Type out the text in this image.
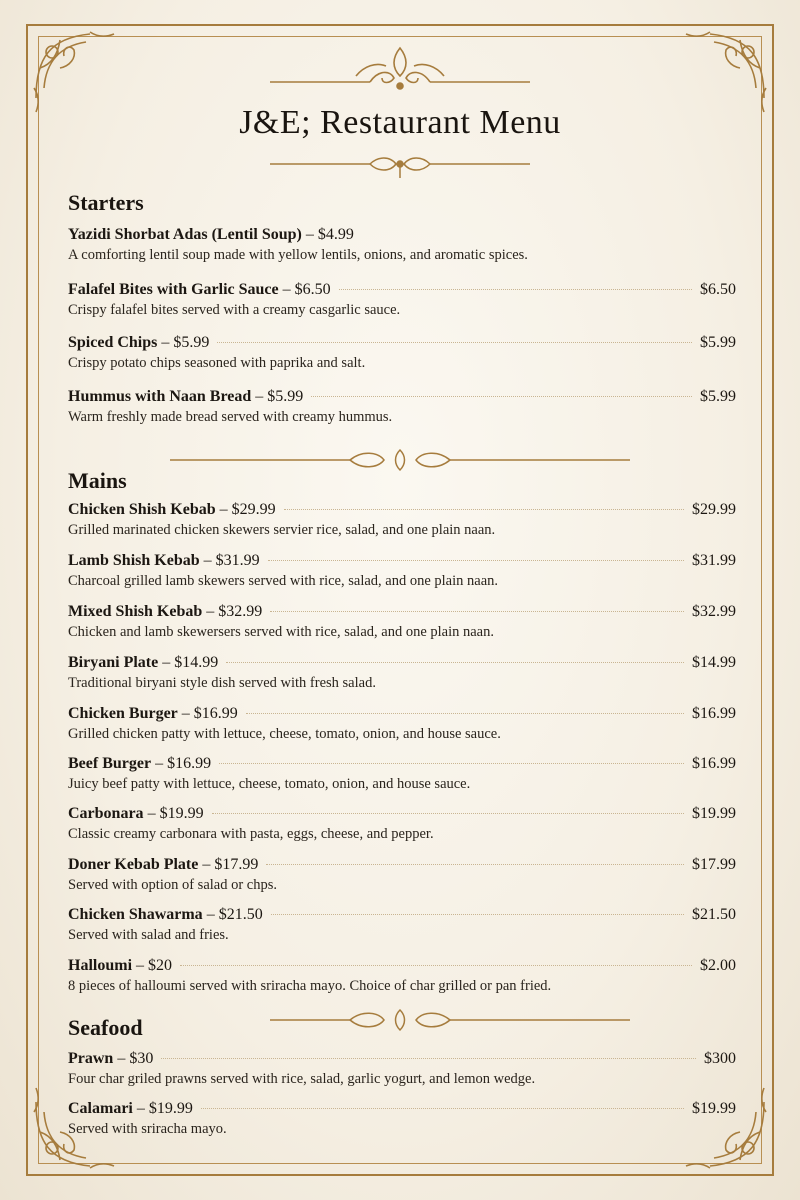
J&E; Restaurant Menu
Starters
Yazidi Shorbat Adas (Lentil Soup) – $4.99
A comforting lentil soup made with yellow lentils, onions, and aromatic spices.
Falafel Bites with Garlic Sauce – $6.50	$6.50
Crispy falafel bites served with a creamy casgarlic sauce.
Spiced Chips – $5.99	$5.99
Crispy potato chips seasoned with paprika and salt.
Hummus with Naan Bread – $5.99	$5.99
Warm freshly made bread served with creamy hummus.
Mains
Chicken Shish Kebab – $29.99	$29.99
Grilled marinated chicken skewers servier rice, salad, and one plain naan.
Lamb Shish Kebab – $31.99	$31.99
Charcoal grilled lamb skewers served with rice, salad, and one plain naan.
Mixed Shish Kebab – $32.99	$32.99
Chicken and lamb skewersers served with rice, salad, and one plain naan.
Biryani Plate – $14.99	$14.99
Traditional biryani style dish served with fresh salad.
Chicken Burger – $16.99	$16.99
Grilled chicken patty with lettuce, cheese, tomato, onion, and house sauce.
Beef Burger – $16.99	$16.99
Juicy beef patty with lettuce, cheese, tomato, onion, and house sauce.
Carbonara – $19.99	$19.99
Classic creamy carbonara with pasta, eggs, cheese, and pepper.
Doner Kebab Plate – $17.99	$17.99
Served with option of salad or chps.
Chicken Shawarma – $21.50	$21.50
Served with salad and fries.
Halloumi – $20	$2.00
8 pieces of halloumi served with sriracha mayo. Choice of char grilled or pan fried.
Seafood
Prawn – $30	$300
Four char griled prawns served with rice, salad, garlic yogurt, and lemon wedge.
Calamari – $19.99	$19.99
Served with sriracha mayo.
